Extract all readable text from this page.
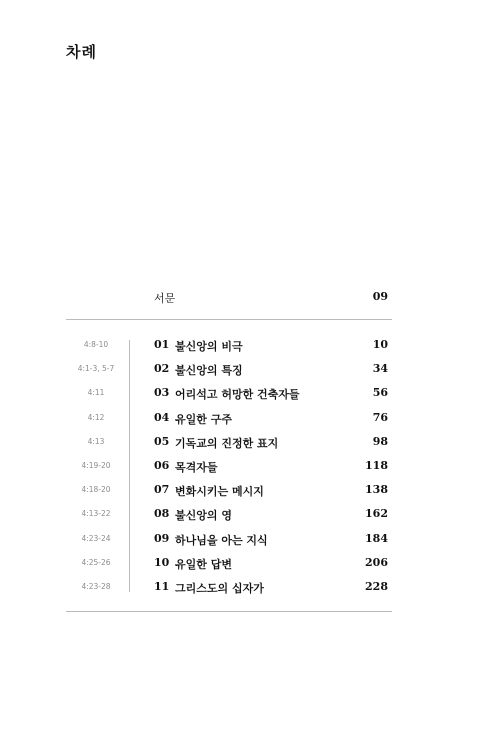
차례
서문	09
4:8-10	01 불신앙의 비극	10
4:1-3, 5-7	02 불신앙의 특징	34
4:11	03 어리석고 허망한 건축자들	56
4:12	04 유일한 구주	76
4:13	05 기독교의 진정한 표지	98
4:19-20	06 목격자들	118
4:18-20	07 변화시키는 메시지	138
4:13-22	08 불신앙의 영	162
4:23-24	09 하나님을 아는 지식	184
4:25-26	10 유일한 답변	206
4:23-28	11 그리스도의 십자가	228
